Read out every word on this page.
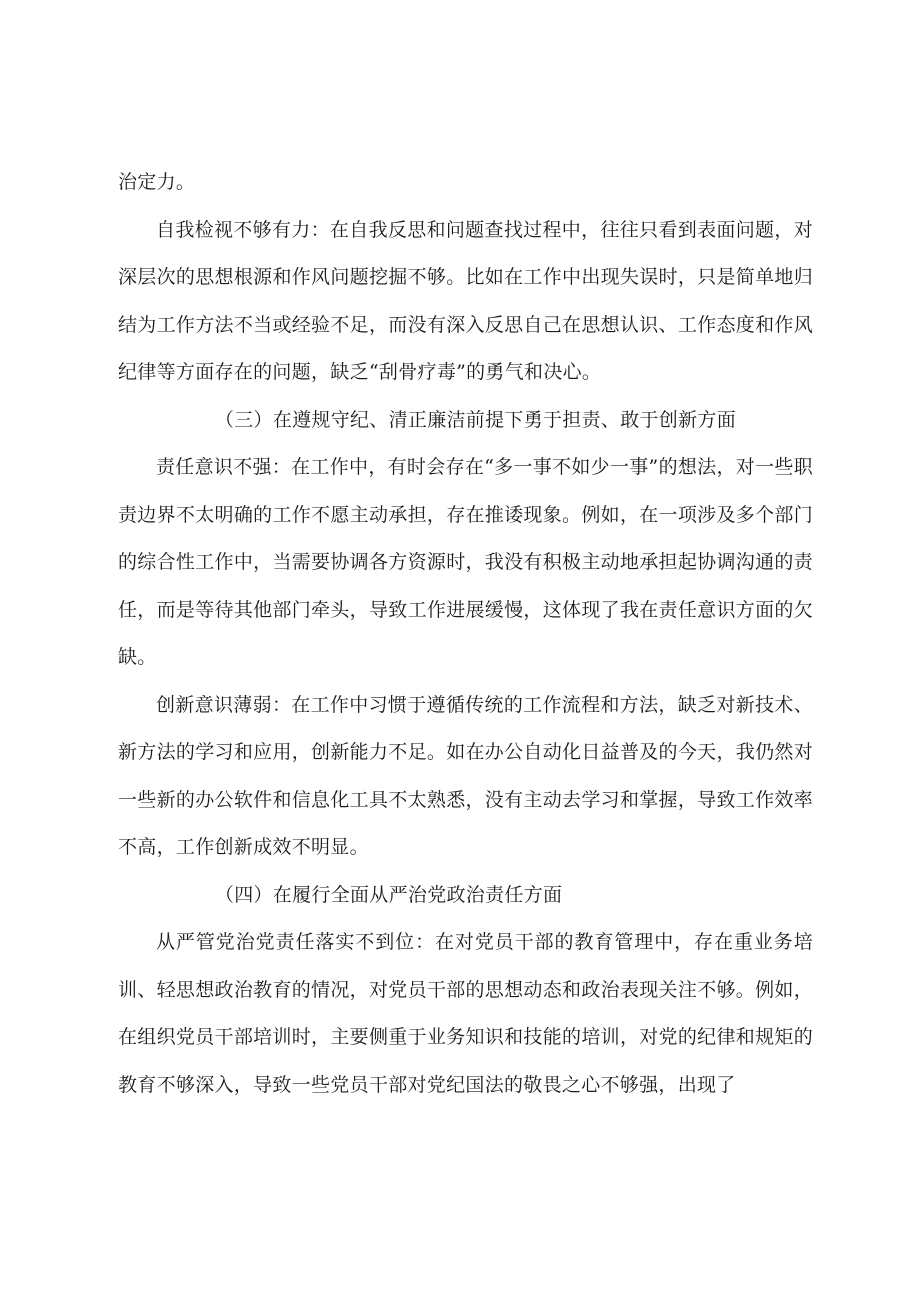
治定力。

自我检视不够有力：在自我反思和问题查找过程中，往往只看到表面问题，对深层次的思想根源和作风问题挖掘不够。比如在工作中出现失误时，只是简单地归结为工作方法不当或经验不足，而没有深入反思自己在思想认识、工作态度和作风纪律等方面存在的问题，缺乏“刮骨疗毒”的勇气和决心。

（三）在遵规守纪、清正廉洁前提下勇于担责、敢于创新方面

责任意识不强：在工作中，有时会存在“多一事不如少一事”的想法，对一些职责边界不太明确的工作不愿主动承担，存在推诿现象。例如，在一项涉及多个部门的综合性工作中，当需要协调各方资源时，我没有积极主动地承担起协调沟通的责任，而是等待其他部门牵头，导致工作进展缓慢，这体现了我在责任意识方面的欠缺。

创新意识薄弱：在工作中习惯于遵循传统的工作流程和方法，缺乏对新技术、新方法的学习和应用，创新能力不足。如在办公自动化日益普及的今天，我仍然对一些新的办公软件和信息化工具不太熟悉，没有主动去学习和掌握，导致工作效率不高，工作创新成效不明显。

（四）在履行全面从严治党政治责任方面

从严管党治党责任落实不到位：在对党员干部的教育管理中，存在重业务培训、轻思想政治教育的情况，对党员干部的思想动态和政治表现关注不够。例如，在组织党员干部培训时，主要侧重于业务知识和技能的培训，对党的纪律和规矩的教育不够深入，导致一些党员干部对党纪国法的敬畏之心不够强，出现了
